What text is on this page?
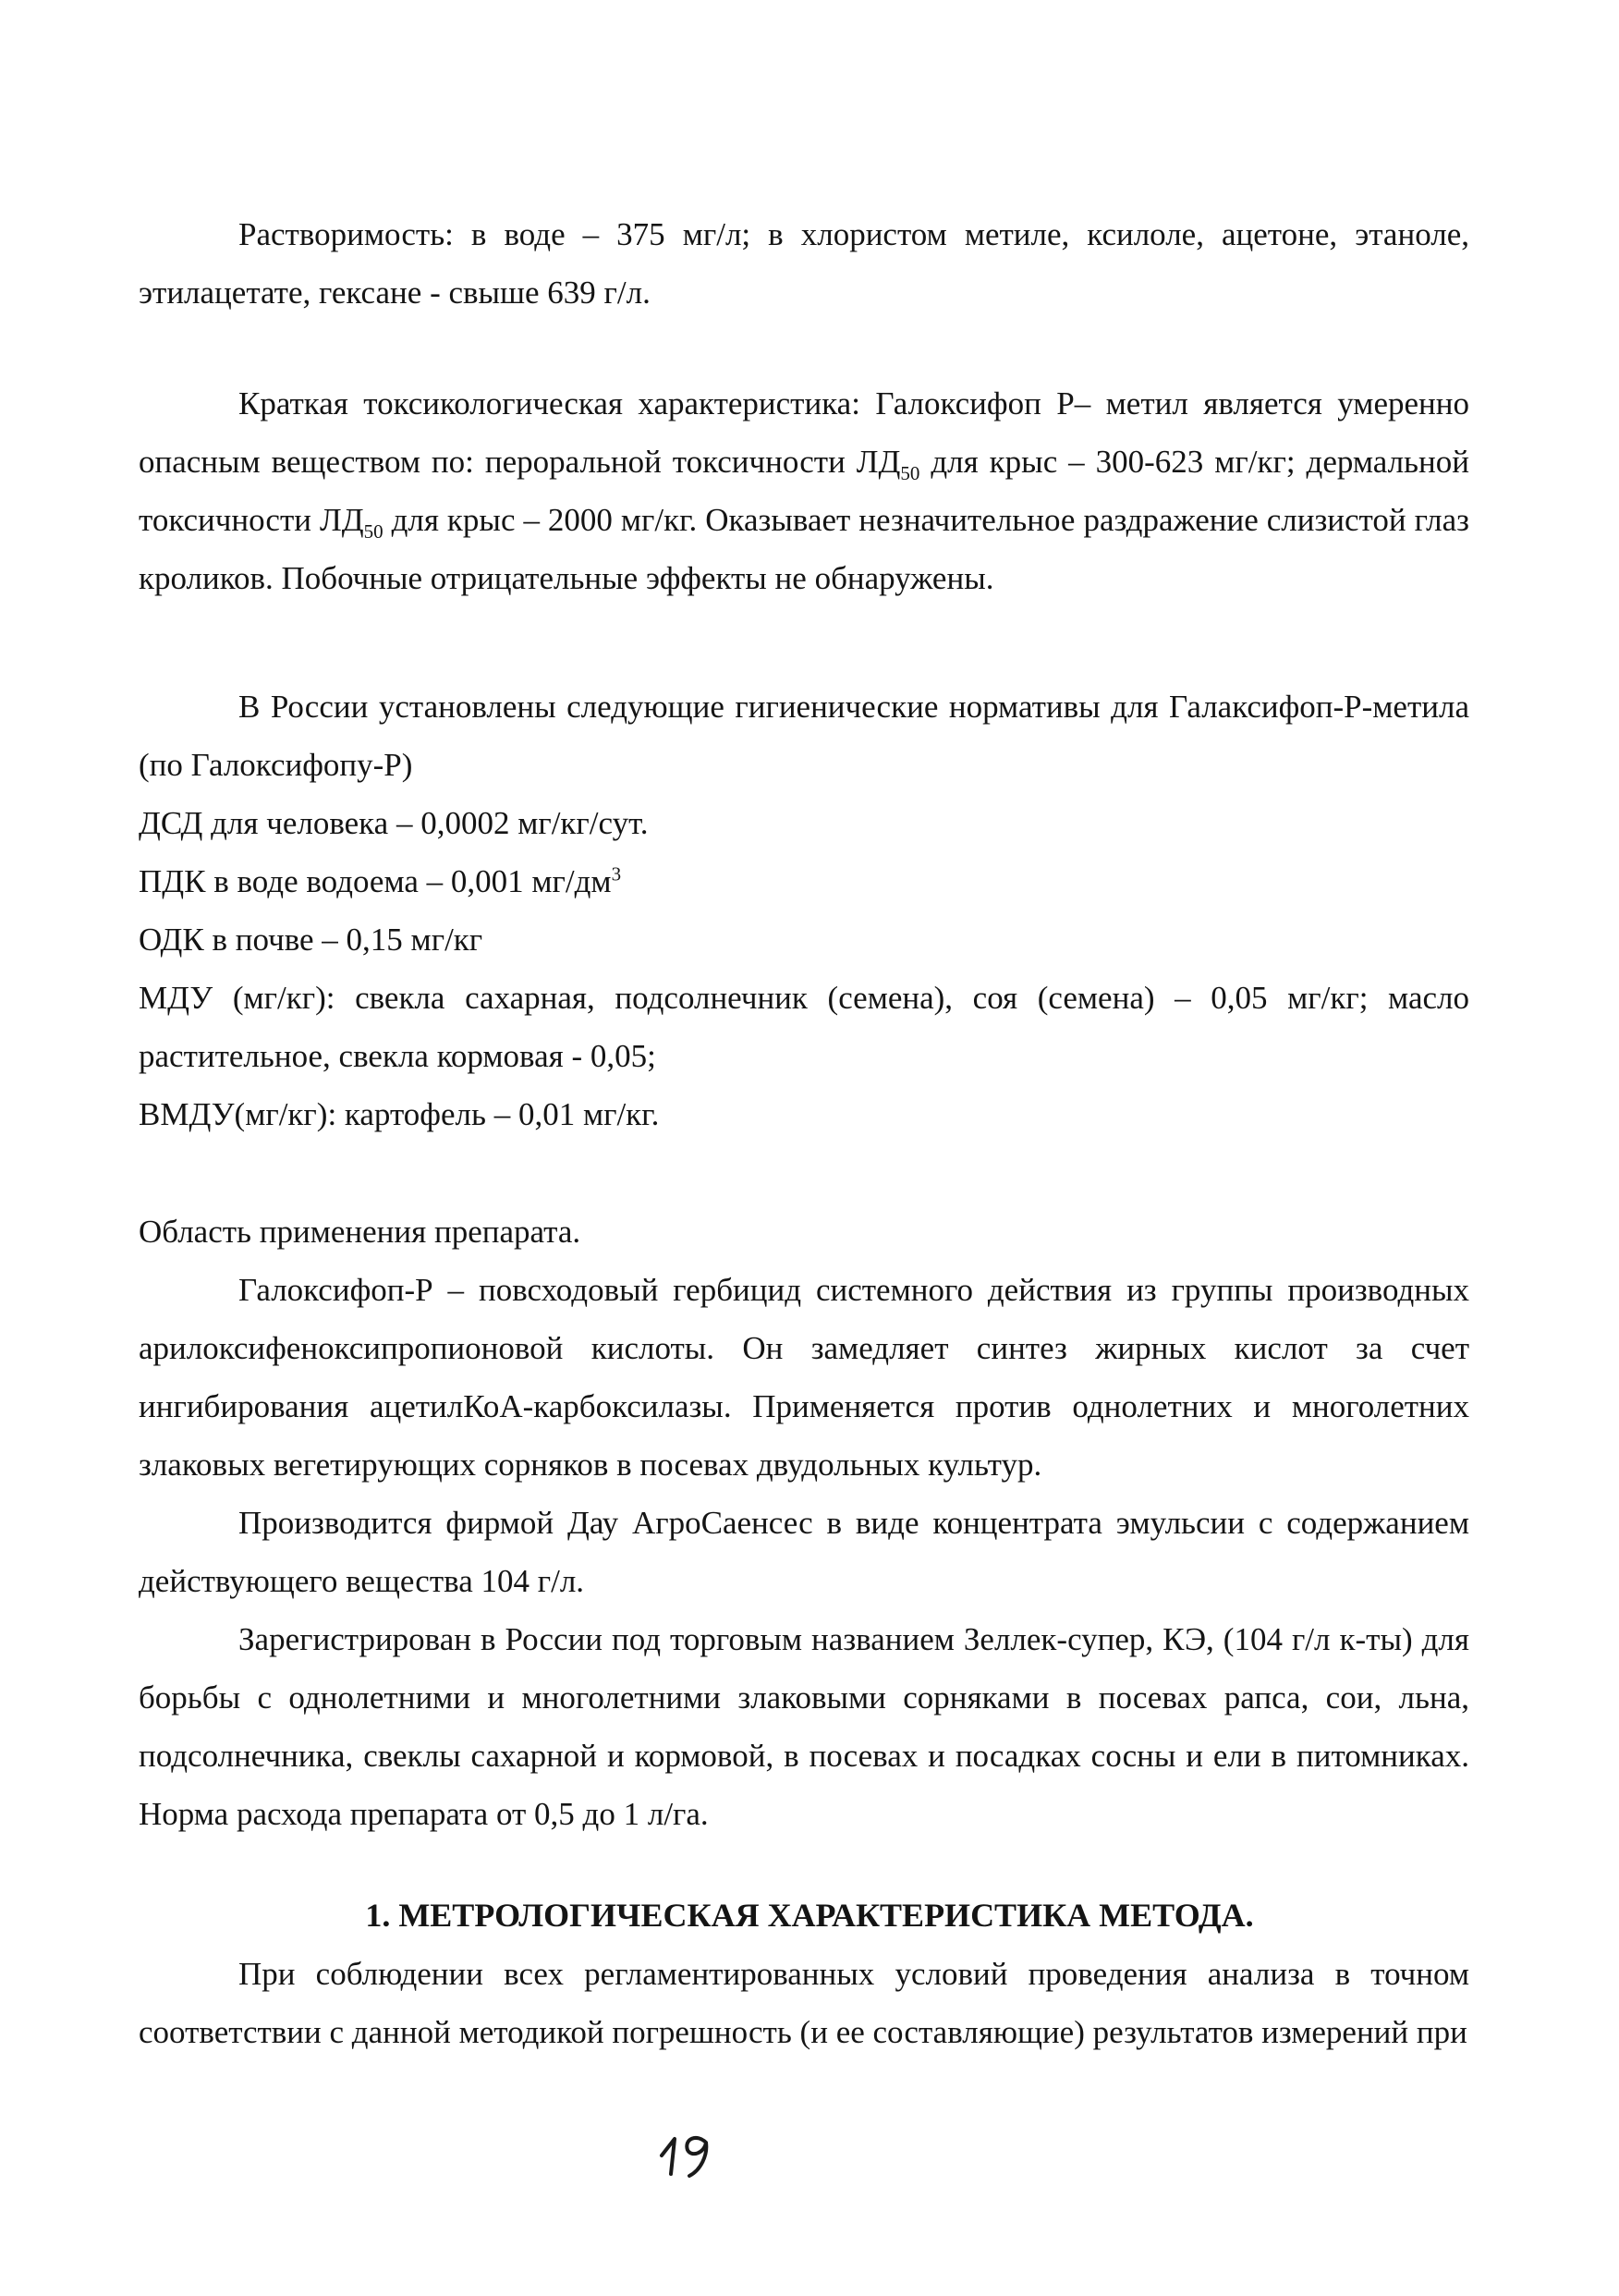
Растворимость: в воде – 375 мг/л; в хлористом метиле, ксилоле, ацетоне, этаноле, этилацетате, гексане - свыше 639 г/л.

Краткая токсикологическая характеристика: Галоксифоп Р– метил является умеренно опасным веществом по: пероральной токсичности $ЛД_{50}$ для крыс – 300-623 мг/кг; дермальной токсичности $ЛД_{50}$ для крыс – 2000 мг/кг. Оказывает незначительное раздражение слизистой глаз кроликов. Побочные отрицательные эффекты не обнаружены.

В России установлены следующие гигиенические нормативы для Галаксифоп-Р-метила (по Галоксифопу-Р)

ДСД для человека – 0,0002 мг/кг/сут.

ПДК в воде водоема – 0,001 $мг/дм^3$

ОДК в почве – 0,15 мг/кг

МДУ (мг/кг): свекла сахарная, подсолнечник (семена), соя (семена) – 0,05 мг/кг; масло растительное, свекла кормовая - 0,05;

ВМДУ(мг/кг): картофель – 0,01 мг/кг.

Область применения препарата.

Галоксифоп-Р – повсходовый гербицид системного действия из группы производных арилоксифеноксипропионовой кислоты. Он замедляет синтез жирных кислот за счет ингибирования ацетилКоА-карбоксилазы. Применяется против однолетних и многолетних злаковых вегетирующих сорняков в посевах двудольных культур.

Производится фирмой Дау АгроСаенсес в виде концентрата эмульсии с содержанием действующего вещества 104 г/л.

Зарегистрирован в России под торговым названием Зеллек-супер, КЭ, (104 г/л к-ты) для борьбы с однолетними и многолетними злаковыми сорняками в посевах рапса, сои, льна, подсолнечника, свеклы сахарной и кормовой, в посевах и посадках сосны и ели в питомниках. Норма расхода препарата от 0,5 до 1 л/га.

1. МЕТРОЛОГИЧЕСКАЯ ХАРАКТЕРИСТИКА МЕТОДА.

При соблюдении всех регламентированных условий проведения анализа в точном соответствии с данной методикой погрешность (и ее составляющие) результатов измерений при
